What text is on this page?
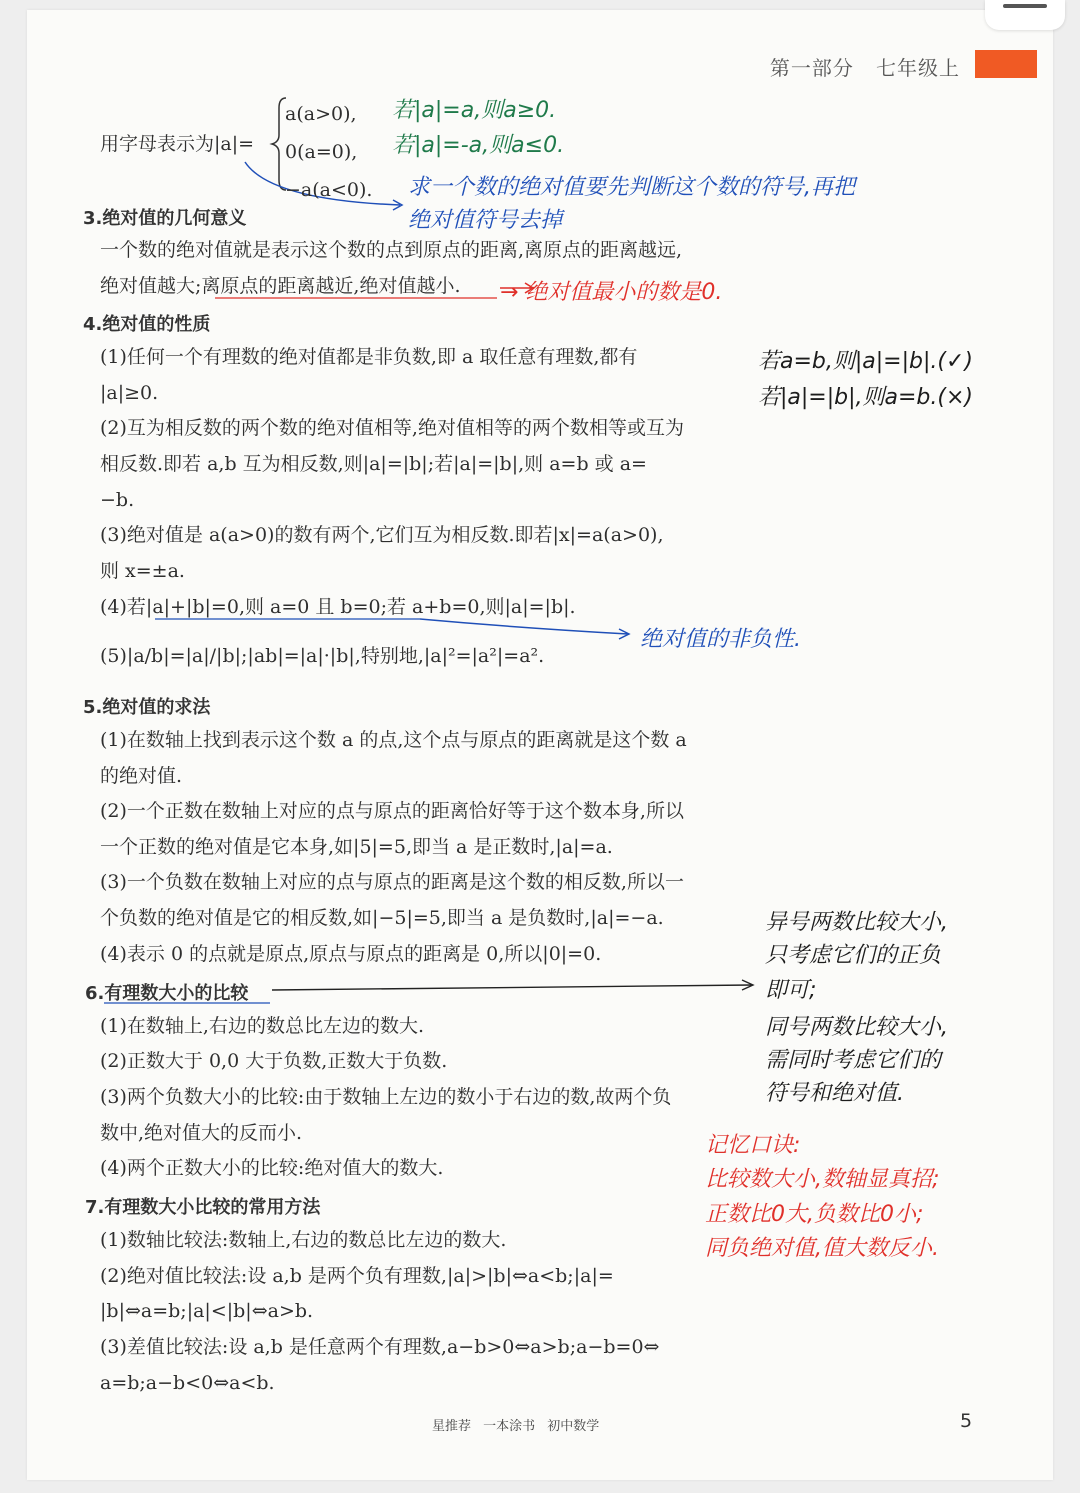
第一部分 七年级上
用字母表示为|a|=
a(a>0),
0(a=0),
−a(a<0).
若|a|=a,则a≥0.
若|a|=-a,则a≤0.
求一个数的绝对值要先判断这个数的符号,再把
绝对值符号去掉
3.绝对值的几何意义
一个数的绝对值就是表示这个数的点到原点的距离,离原点的距离越远,
绝对值越大;离原点的距离越近,绝对值越小. → 绝对值最小的数是0.
4.绝对值的性质
(1)任何一个有理数的绝对值都是非负数,即 a 取任意有理数,都有
|a|≥0.
若a=b,则|a|=|b|.(✓)
若|a|=|b|,则a=b.(×)
(2)互为相反数的两个数的绝对值相等,绝对值相等的两个数相等或互为
相反数.即若 a,b 互为相反数,则|a|=|b|;若|a|=|b|,则 a=b 或 a=
−b.
(3)绝对值是 a(a>0)的数有两个,它们互为相反数.即若|x|=a(a>0),
则 x=±a.
(4)若|a|+|b|=0,则 a=0 且 b=0;若 a+b=0,则|a|=|b|.
(5)|a/b|=|a|/|b|;|ab|=|a|·|b|,特别地,|a|²=|a²|=a².
绝对值的非负性.
5.绝对值的求法
(1)在数轴上找到表示这个数 a 的点,这个点与原点的距离就是这个数 a
的绝对值.
(2)一个正数在数轴上对应的点与原点的距离恰好等于这个数本身,所以
一个正数的绝对值是它本身,如|5|=5,即当 a 是正数时,|a|=a.
(3)一个负数在数轴上对应的点与原点的距离是这个数的相反数,所以一
个负数的绝对值是它的相反数,如|−5|=5,即当 a 是负数时,|a|=−a.
(4)表示 0 的点就是原点,原点与原点的距离是 0,所以|0|=0.
6.有理数大小的比较
(1)在数轴上,右边的数总比左边的数大.
(2)正数大于 0,0 大于负数,正数大于负数.
(3)两个负数大小的比较:由于数轴上左边的数小于右边的数,故两个负
数中,绝对值大的反而小.
(4)两个正数大小的比较:绝对值大的数大.
异号两数比较大小,
只考虑它们的正负
即可;
同号两数比较大小,
需同时考虑它们的
符号和绝对值.
记忆口诀:
比较数大小,数轴显真招;
正数比0大,负数比0小;
同负绝对值,值大数反小.
7.有理数大小比较的常用方法
(1)数轴比较法:数轴上,右边的数总比左边的数大.
(2)绝对值比较法:设 a,b 是两个负有理数,|a|>|b|⇔a<b;|a|=
|b|⇔a=b;|a|<|b|⇔a>b.
(3)差值比较法:设 a,b 是任意两个有理数,a−b>0⇔a>b;a−b=0⇔
a=b;a−b<0⇔a<b.
星推荐 一本涂书 初中数学	5
